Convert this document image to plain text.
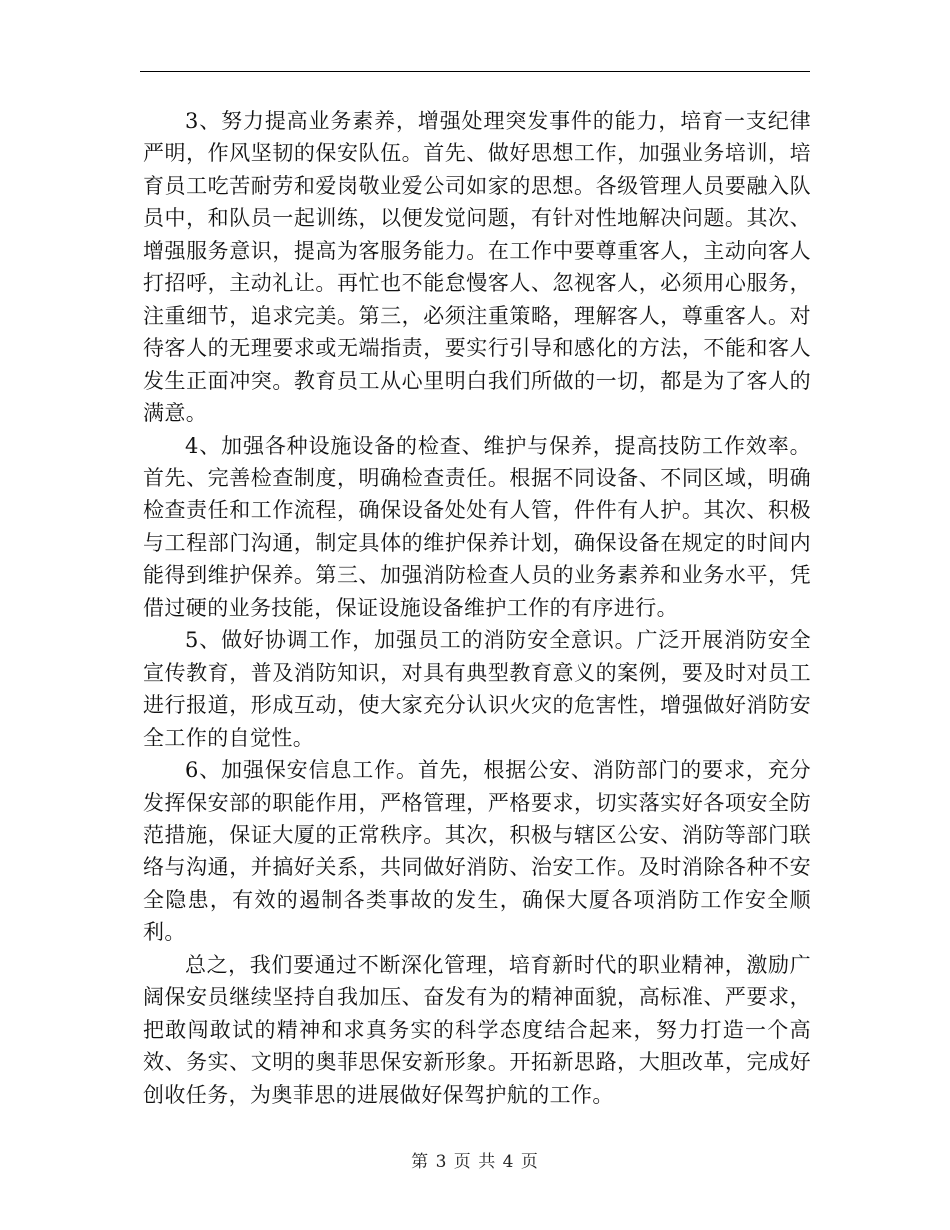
3、努力提高业务素养，增强处理突发事件的能力，培育一支纪律严明，作风坚韧的保安队伍。首先、做好思想工作，加强业务培训，培育员工吃苦耐劳和爱岗敬业爱公司如家的思想。各级管理人员要融入队员中，和队员一起训练，以便发觉问题，有针对性地解决问题。其次、增强服务意识，提高为客服务能力。在工作中要尊重客人，主动向客人打招呼，主动礼让。再忙也不能怠慢客人、忽视客人，必须用心服务，注重细节，追求完美。第三，必须注重策略，理解客人，尊重客人。对待客人的无理要求或无端指责，要实行引导和感化的方法，不能和客人发生正面冲突。教育员工从心里明白我们所做的一切，都是为了客人的满意。

4、加强各种设施设备的检查、维护与保养，提高技防工作效率。首先、完善检查制度，明确检查责任。根据不同设备、不同区域，明确检查责任和工作流程，确保设备处处有人管，件件有人护。其次、积极与工程部门沟通，制定具体的维护保养计划，确保设备在规定的时间内能得到维护保养。第三、加强消防检查人员的业务素养和业务水平，凭借过硬的业务技能，保证设施设备维护工作的有序进行。

5、做好协调工作，加强员工的消防安全意识。广泛开展消防安全宣传教育，普及消防知识，对具有典型教育意义的案例，要及时对员工进行报道，形成互动，使大家充分认识火灾的危害性，增强做好消防安全工作的自觉性。

6、加强保安信息工作。首先，根据公安、消防部门的要求，充分发挥保安部的职能作用，严格管理，严格要求，切实落实好各项安全防范措施，保证大厦的正常秩序。其次，积极与辖区公安、消防等部门联络与沟通，并搞好关系，共同做好消防、治安工作。及时消除各种不安全隐患，有效的遏制各类事故的发生，确保大厦各项消防工作安全顺利。

总之，我们要通过不断深化管理，培育新时代的职业精神，激励广阔保安员继续坚持自我加压、奋发有为的精神面貌，高标准、严要求，把敢闯敢试的精神和求真务实的科学态度结合起来，努力打造一个高效、务实、文明的奥菲思保安新形象。开拓新思路，大胆改革，完成好创收任务，为奥菲思的进展做好保驾护航的工作。

第 3 页 共 4 页
